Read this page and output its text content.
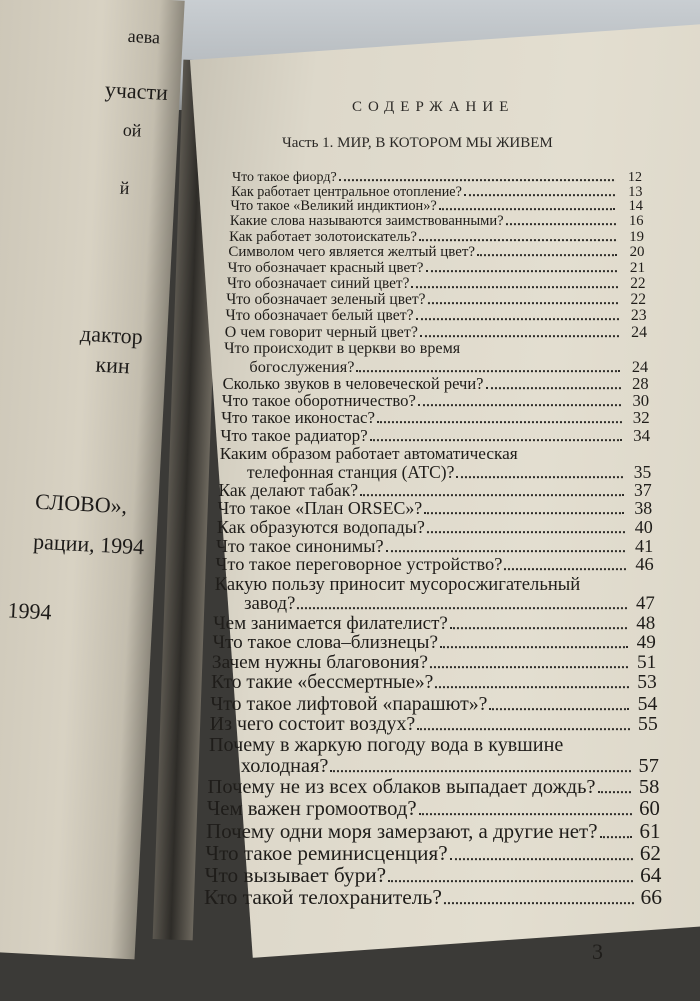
аева
участи
ой
й
дактор
кин
СЛОВО»,
рации, 1994
1994
СОДЕРЖАНИЕ
Часть 1. МИР, В КОТОРОМ МЫ ЖИВЕМ
Что такое фиорд?	12
Как работает центральное отопление?	13
Что такое «Великий индиктион»?	14
Какие слова называются заимствованными?	16
Как работает золотоискатель?	19
Символом чего является желтый цвет?	20
Что обозначает красный цвет?	21
Что обозначает синий цвет?	22
Что обозначает зеленый цвет?	22
Что обозначает белый цвет?	23
О чем говорит черный цвет?	24
Что происходит в церкви во время
богослужения?	24
Сколько звуков в человеческой речи?	28
Что такое оборотничество?	30
Что такое иконостас?	32
Что такое радиатор?	34
Каким образом работает автоматическая
телефонная станция (АТС)?	35
Как делают табак?	37
Что такое «План ORSEC»?	38
Как образуются водопады?	40
Что такое синонимы?	41
Что такое переговорное устройство?	46
Какую пользу приносит мусоросжигательный
завод?	47
Чем занимается филателист?	48
Что такое слова–близнецы?	49
Зачем нужны благовония?	51
Кто такие «бессмертные»?	53
Что такое лифтовой «парашют»?	54
Из чего состоит воздух?	55
Почему в жаркую погоду вода в кувшине
холодная?	57
Почему не из всех облаков выпадает дождь? 58
Чем важен громоотвод?	60
Почему одни моря замерзают, а другие нет? 61
Что такое реминисценция?	62
Что вызывает бури?	64
Кто такой телохранитель?	66
3
